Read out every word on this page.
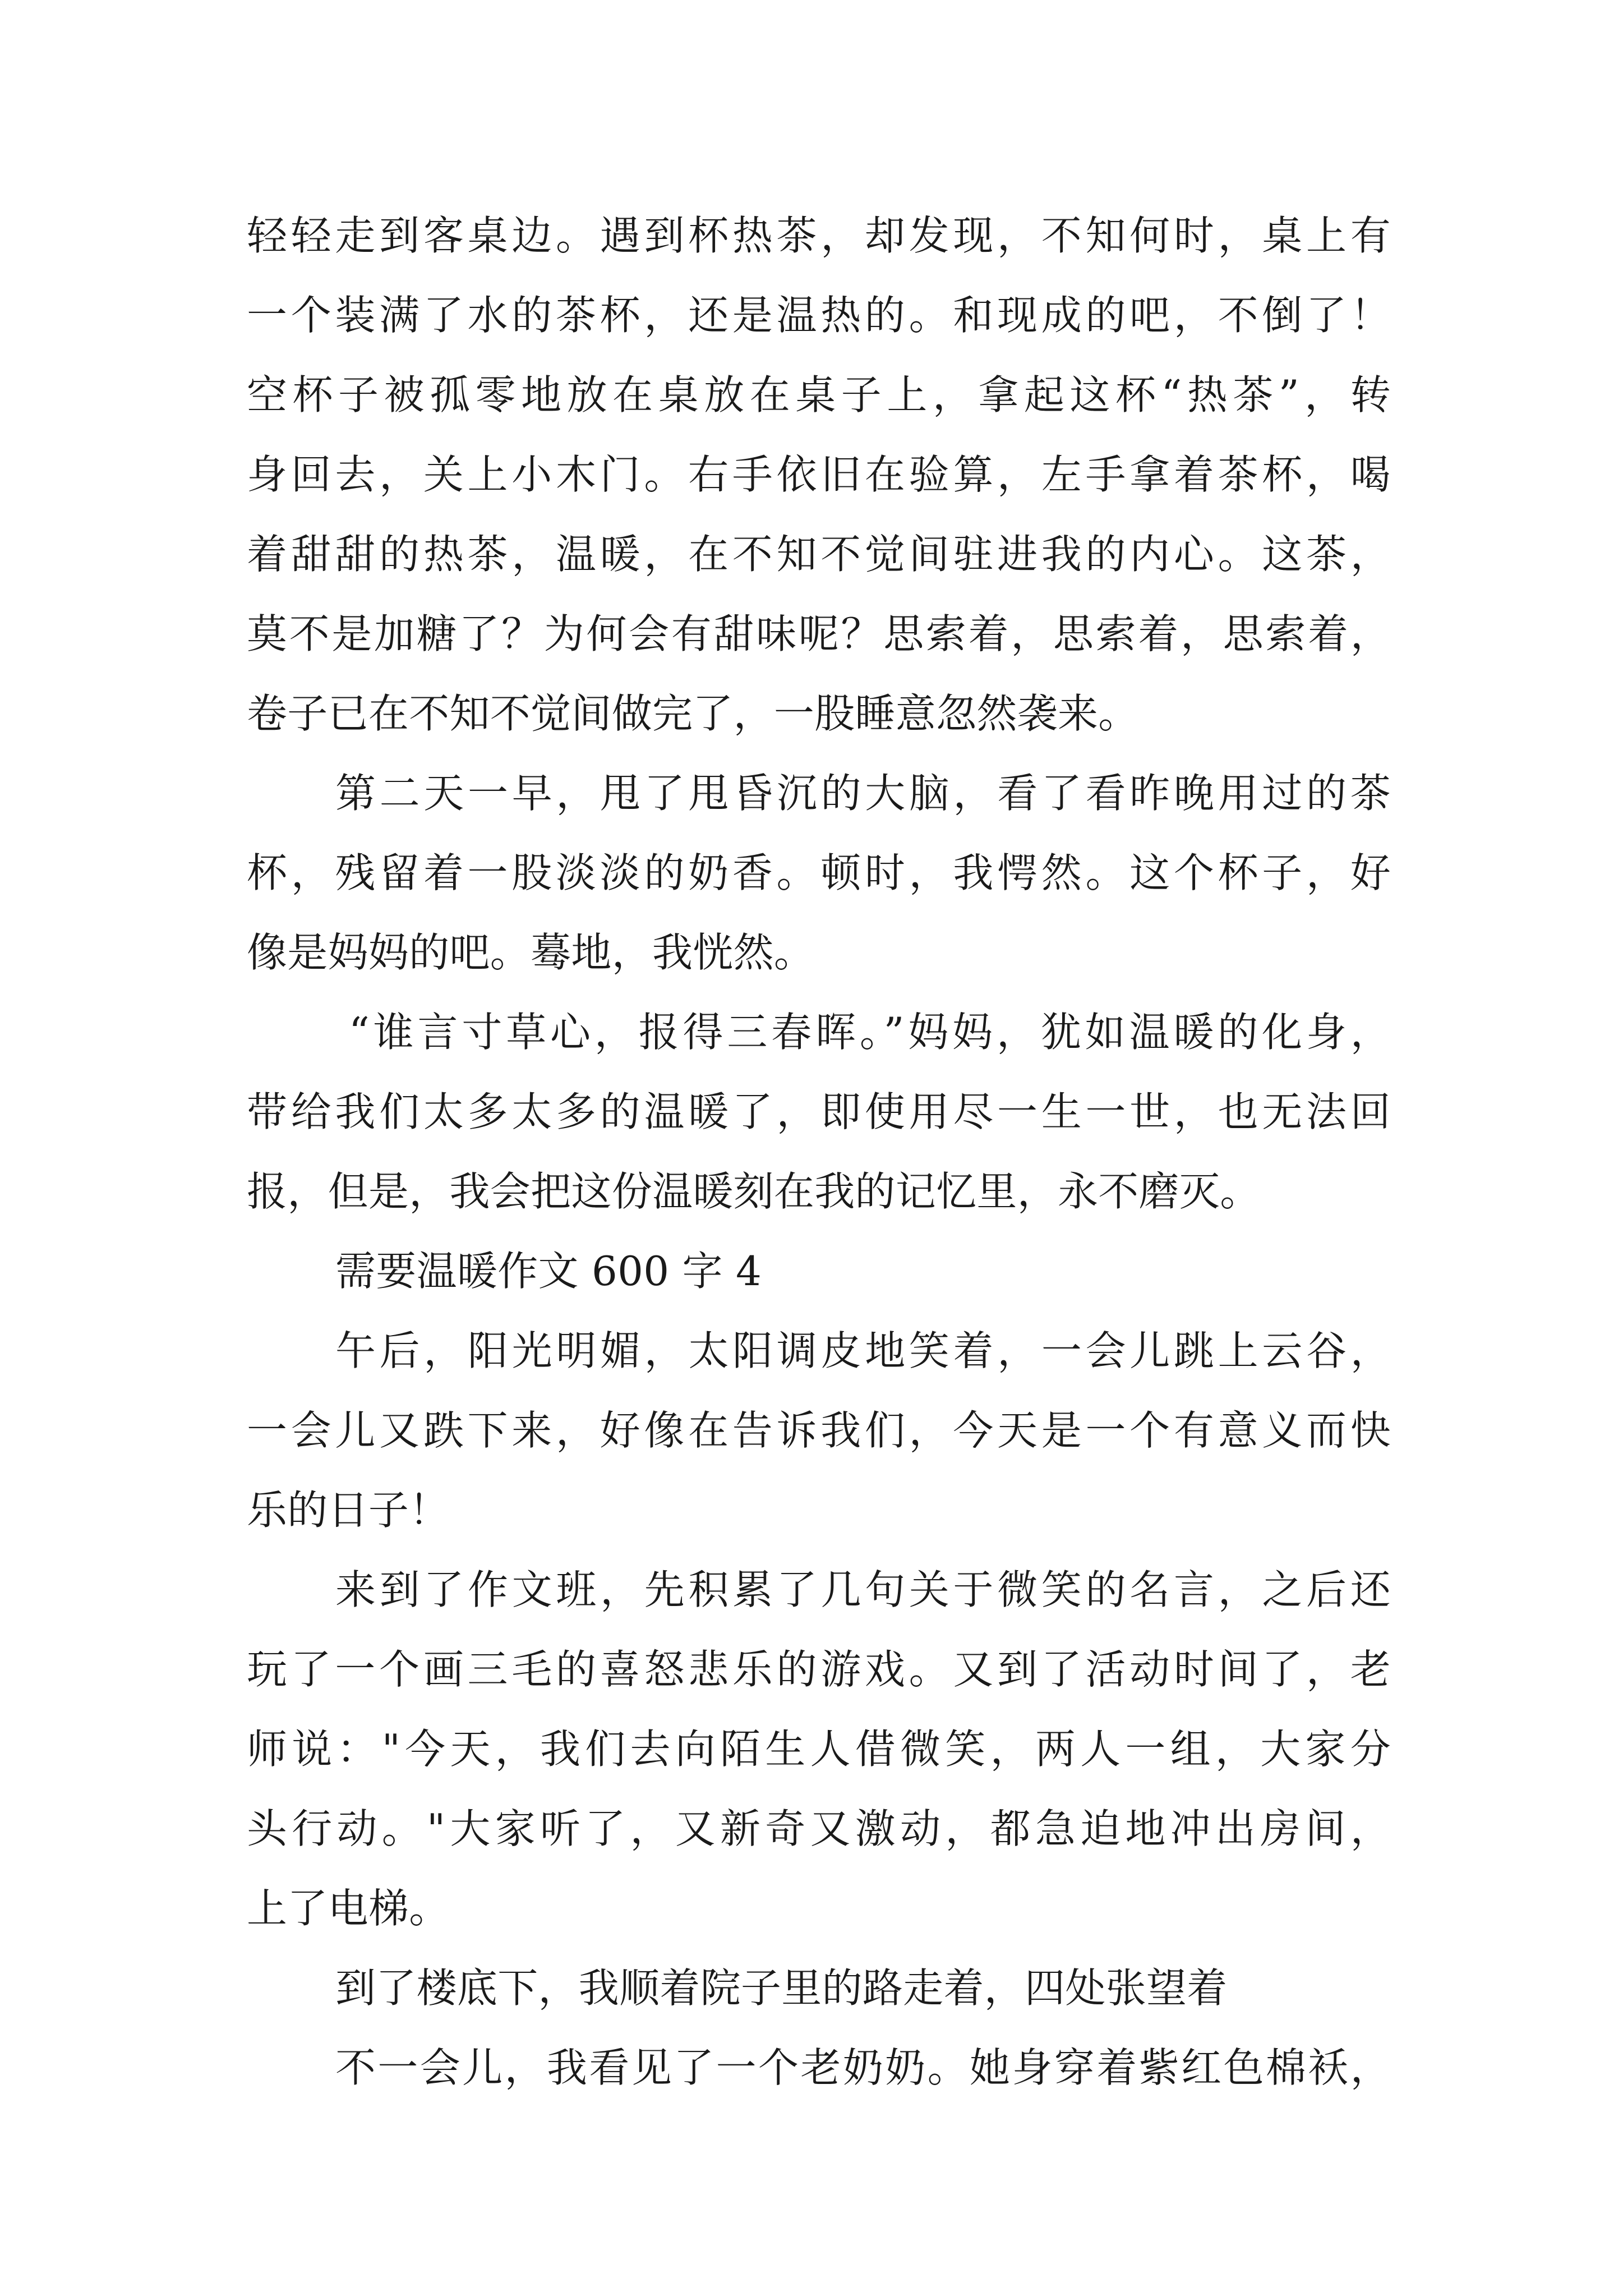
轻轻走到客桌边。遇到杯热茶，却发现，不知何时，桌上有
一个装满了水的茶杯，还是温热的。和现成的吧，不倒了！
空杯子被孤零地放在桌放在桌子上，拿起这杯“热茶”，转
身回去，关上小木门。右手依旧在验算，左手拿着茶杯，喝
着甜甜的热茶，温暖，在不知不觉间驻进我的内心。这茶，
莫不是加糖了？为何会有甜味呢？思索着，思索着，思索着，
卷子已在不知不觉间做完了，一股睡意忽然袭来。
第二天一早，甩了甩昏沉的大脑，看了看昨晚用过的茶
杯，残留着一股淡淡的奶香。顿时，我愕然。这个杯子，好
像是妈妈的吧。蓦地，我恍然。
“谁言寸草心，报得三春晖。”妈妈，犹如温暖的化身，
带给我们太多太多的温暖了，即使用尽一生一世，也无法回
报，但是，我会把这份温暖刻在我的记忆里，永不磨灭。
需要温暖作文 600 字 4
午后，阳光明媚，太阳调皮地笑着，一会儿跳上云谷，
一会儿又跌下来，好像在告诉我们，今天是一个有意义而快
乐的日子！
来到了作文班，先积累了几句关于微笑的名言，之后还
玩了一个画三毛的喜怒悲乐的游戏。又到了活动时间了，老
师说："今天，我们去向陌生人借微笑，两人一组，大家分
头行动。"大家听了，又新奇又激动，都急迫地冲出房间，
上了电梯。
到了楼底下，我顺着院子里的路走着，四处张望着
不一会儿，我看见了一个老奶奶。她身穿着紫红色棉袄，
